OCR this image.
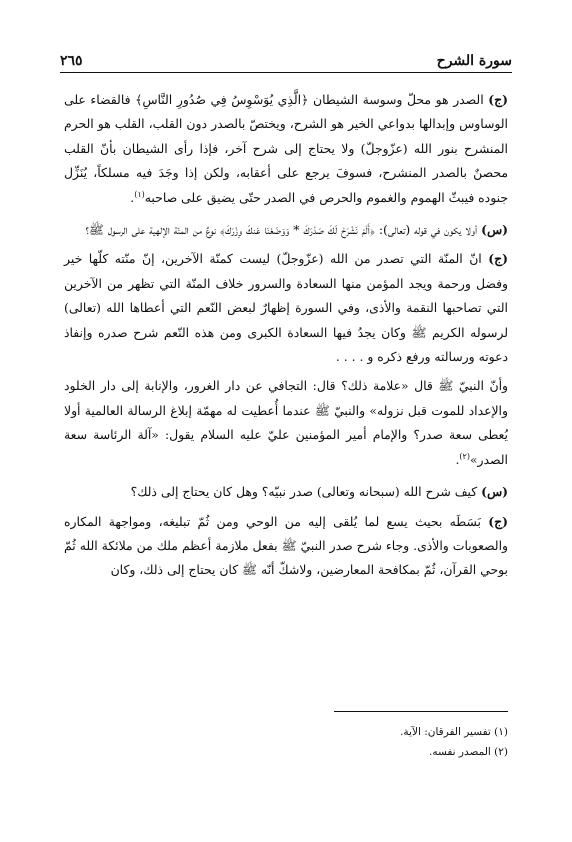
سورة الشرح
٢٦٥

(ج) الصدر هو محلّ وسوسة الشيطان ﴿الَّذِي يُوَسْوِسُ فِي صُدُورِ النَّاسِ﴾ فالقضاء على الوساوس وإبدالها بدواعي الخير هو الشرح، ويختصّ بالصدر دون القلب، القلب هو الحرم المنشرح بنور الله (عزّوجلّ) ولا يحتاج إلى شرح آخر، فإذا رأى الشيطان بأنّ القلب محصنٌ بالصدر المنشرح، فسوفَ يرجع على أعقابه، ولكن إذا وجَدَ فيه مسلكاً، يُنَزِّل جنوده فيبثّ الهموم والغموم والحرص في الصدر حتّى يضيق على صاحبه$^{(١)}$.

(س) أولا يكون في قوله (تعالى): ﴿أَلَمْ نَشْرَحْ لَكَ صَدْرَكَ * وَوَضَعْنَا عَنكَ وِزْرَكَ﴾ نوعٌ من المنّة الإلهية على الرسول ﷺ؟

(ج) انّ المنّة التي تصدر من الله (عزّوجلّ) ليست كمنّة الآخرين، إنّ منّته كلّها خير وفضل ورحمة ويجد المؤمن منها السعادة والسرور خلاف المنّة التي تظهر من الآخرين التي تصاحبها النقمة والأذى، وفي السورة إظهارٌ لبعض النّعم التي أعطاها الله (تعالى) لرسوله الكريم ﷺ وكان يجدُ فيها السعادة الكبرى ومن هذه النّعم شرح صدره وإنفاذ دعوته ورسالته ورفع ذكره و . . . .

وأنّ النبيّ ﷺ قال «علامة ذلك؟ قال: التجافي عن دار الغرور، والإنابة إلى دار الخلود والإعداد للموت قبل نزوله» والنبيّ ﷺ عندما أُعطيت له مهمّة إبلاغ الرسالة العالمية أولا يُعطى سعة صدر؟ والإمام أمير المؤمنين عليّ عليه السلام يقول: «آلة الرئاسة سعة الصدر»$^{(٢)}$.

(س) كيف شرح الله (سبحانه وتعالى) صدر نبيّه؟ وهل كان يحتاج إلى ذلك؟

(ج) بَسَطَه بحيث يسع لما يُلقى إليه من الوحي ومن ثُمّ تبليغه، ومواجهة المكاره والصعوبات والأذى. وجاء شرح صدر النبيّ ﷺ بفعل ملازمة أعظم ملك من ملائكة الله ثُمّ بوحي القرآن، ثُمّ بمكافحة المعارضين، ولاشكّ أنّه ﷺ كان يحتاج إلى ذلك، وكان

(١) تفسير الفرقان: الآية.
(٢) المصدر نفسه.
